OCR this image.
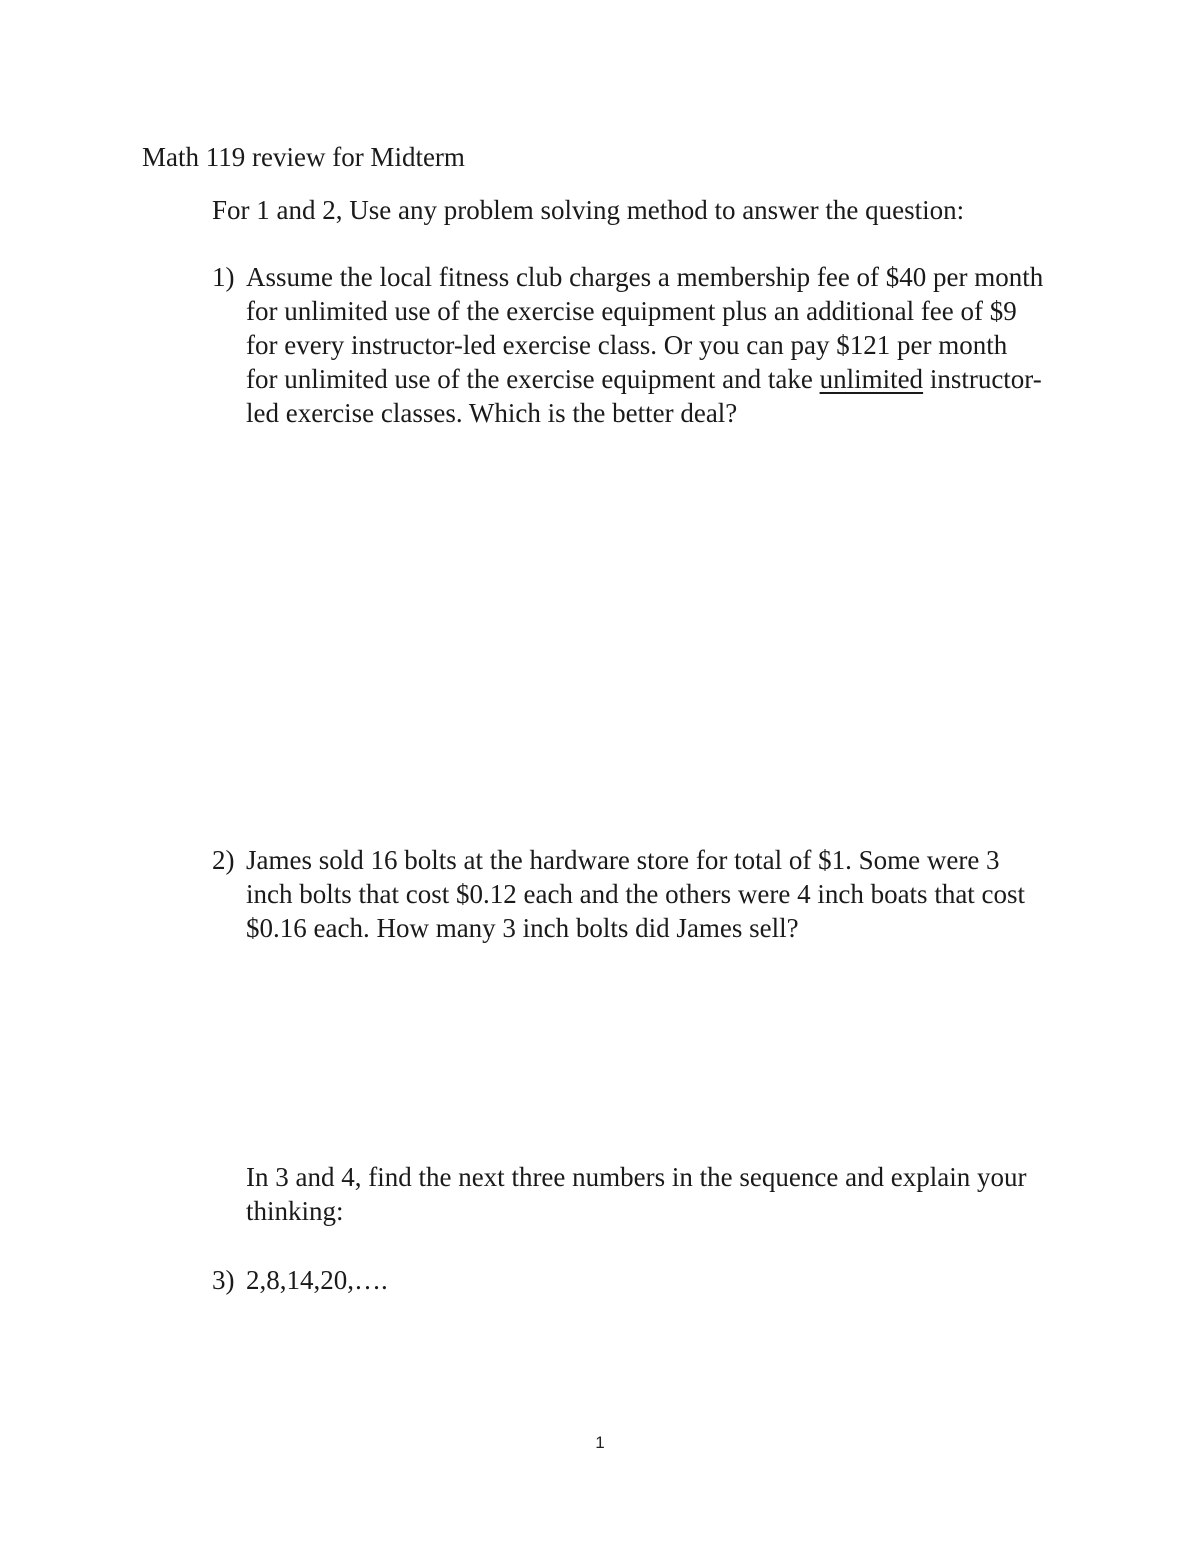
Math 119 review for Midterm
For 1 and 2, Use any problem solving method to answer the question:
1) Assume the local fitness club charges a membership fee of $40 per month
for unlimited use of the exercise equipment plus an additional fee of $9
for every instructor-led exercise class. Or you can pay $121 per month
for unlimited use of the exercise equipment and take unlimited instructor-
led exercise classes. Which is the better deal?
2) James sold 16 bolts at the hardware store for total of $1. Some were 3
inch bolts that cost $0.12 each and the others were 4 inch boats that cost
$0.16 each. How many 3 inch bolts did James sell?
In 3 and 4, find the next three numbers in the sequence and explain your
thinking:
3) 2,8,14,20,….
1
